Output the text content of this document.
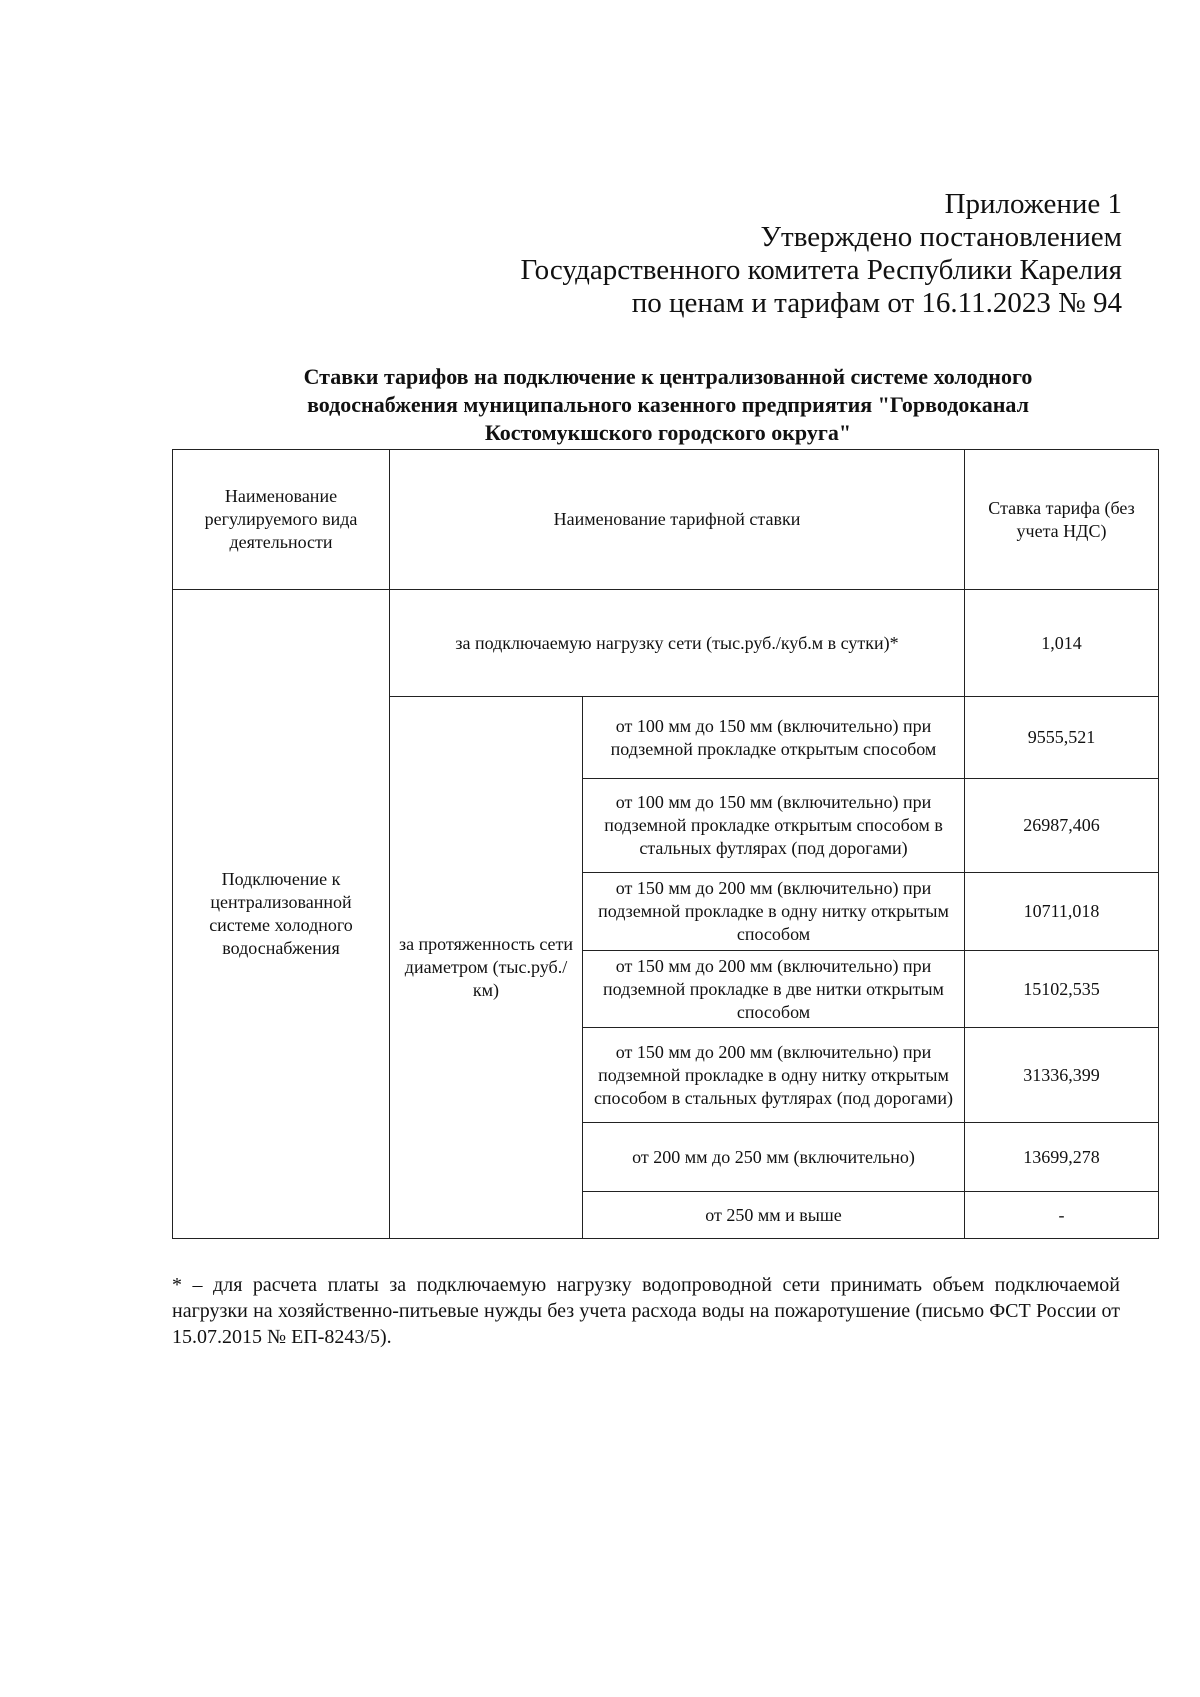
Приложение 1
Утверждено постановлением
Государственного комитета Республики Карелия
по ценам и тарифам от 16.11.2023 № 94
Ставки тарифов на подключение к централизованной системе холодного
водоснабжения муниципального казенного предприятия "Горводоканал
Костомукшского городского округа"
Наименование регулируемого вида деятельности	Наименование тарифной ставки		Ставка тарифа (без учета НДС)
Подключение к централизованной системе холодного водоснабжения	за подключаемую нагрузку сети (тыс.руб./куб.м в сутки)*		1,014
	за протяженность сети диаметром (тыс.руб./км)	от 100 мм до 150 мм (включительно) при подземной прокладке открытым способом	9555,521
		от 100 мм до 150 мм (включительно) при подземной прокладке открытым способом в стальных футлярах (под дорогами)	26987,406
		от 150 мм до 200 мм (включительно) при подземной прокладке в одну нитку открытым способом	10711,018
		от 150 мм до 200 мм (включительно) при подземной прокладке в две нитки открытым способом	15102,535
		от 150 мм до 200 мм (включительно) при подземной прокладке в одну нитку открытым способом в стальных футлярах (под дорогами)	31336,399
		от 200 мм до 250 мм (включительно)	13699,278
		от 250 мм и выше	-
* – для расчета платы за подключаемую нагрузку водопроводной сети принимать объем подключаемой нагрузки на хозяйственно-питьевые нужды без учета расхода воды на пожаротушение (письмо ФСТ России от 15.07.2015 № ЕП-8243/5).
